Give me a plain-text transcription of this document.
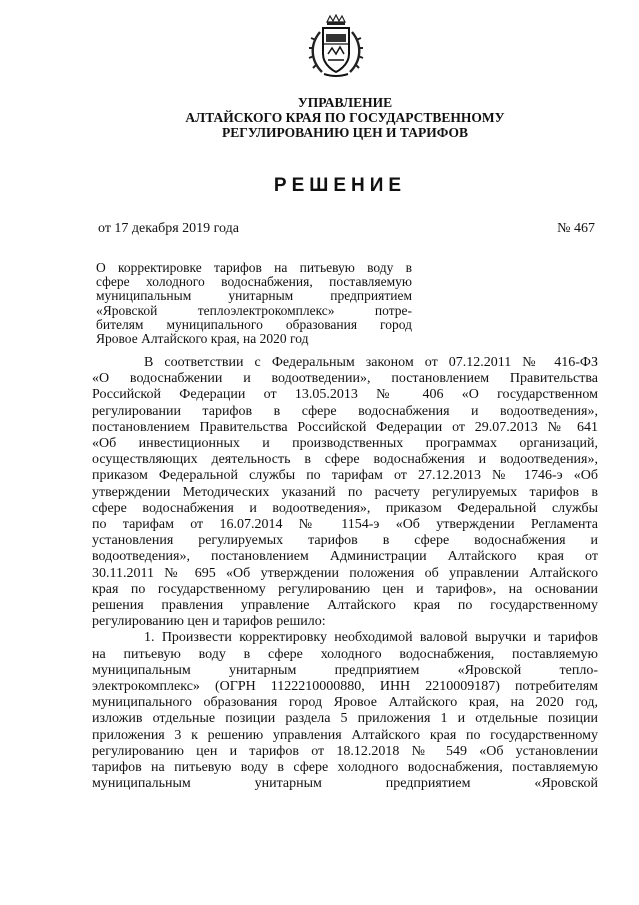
УПРАВЛЕНИЕ
АЛТАЙСКОГО КРАЯ ПО ГОСУДАРСТВЕННОМУ
РЕГУЛИРОВАНИЮ ЦЕН И ТАРИФОВ
РЕШЕНИЕ
от 17 декабря 2019 года	№ 467
О корректировке тарифов на питьевую воду в
сфере холодного водоснабжения, поставляемую
муниципальным унитарным предприятием
«Яровской теплоэлектрокомплекс» потре-
бителям муниципального образования город
Яровое Алтайского края, на 2020 год
В соответствии с Федеральным законом от 07.12.2011 № 416-ФЗ
«О водоснабжении и водоотведении», постановлением Правительства
Российской Федерации от 13.05.2013 № 406 «О государственном
регулировании тарифов в сфере водоснабжения и водоотведения»,
постановлением Правительства Российской Федерации от 29.07.2013 № 641
«Об инвестиционных и производственных программах организаций,
осуществляющих деятельность в сфере водоснабжения и водоотведения»,
приказом Федеральной службы по тарифам от 27.12.2013 № 1746-э «Об
утверждении Методических указаний по расчету регулируемых тарифов в
сфере водоснабжения и водоотведения», приказом Федеральной службы
по тарифам от 16.07.2014 № 1154-э «Об утверждении Регламента
установления регулируемых тарифов в сфере водоснабжения и
водоотведения», постановлением Администрации Алтайского края от
30.11.2011 № 695 «Об утверждении положения об управлении Алтайского
края по государственному регулированию цен и тарифов», на основании
решения правления управление Алтайского края по государственному
регулированию цен и тарифов решило:
1. Произвести корректировку необходимой валовой выручки и тарифов
на питьевую воду в сфере холодного водоснабжения, поставляемую
муниципальным унитарным предприятием «Яровской тепло-
электрокомплекс» (ОГРН 1122210000880, ИНН 2210009187) потребителям
муниципального образования город Яровое Алтайского края, на 2020 год,
изложив отдельные позиции раздела 5 приложения 1 и отдельные позиции
приложения 3 к решению управления Алтайского края по государственному
регулированию цен и тарифов от 18.12.2018 № 549 «Об установлении
тарифов на питьевую воду в сфере холодного водоснабжения, поставляемую
муниципальным унитарным предприятием «Яровской
